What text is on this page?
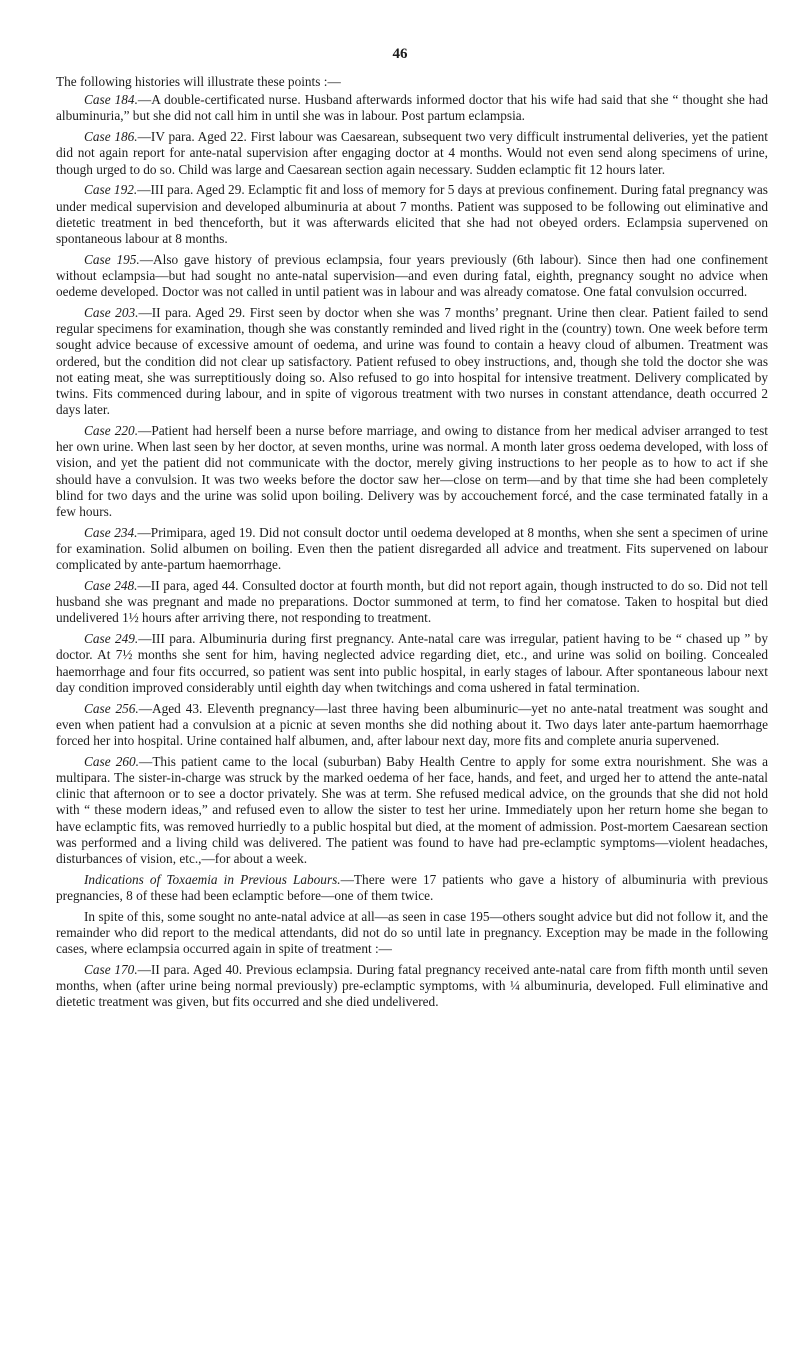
46

The following histories will illustrate these points :—

Case 184.—A double-certificated nurse. Husband afterwards informed doctor that his wife had said that she “ thought she had albuminuria,” but she did not call him in until she was in labour. Post partum eclampsia.

Case 186.—IV para. Aged 22. First labour was Caesarean, subsequent two very difficult instrumental deliveries, yet the patient did not again report for ante-natal supervision after engaging doctor at 4 months. Would not even send along specimens of urine, though urged to do so. Child was large and Caesarean section again necessary. Sudden eclamptic fit 12 hours later.

Case 192.—III para. Aged 29. Eclamptic fit and loss of memory for 5 days at previous confinement. During fatal pregnancy was under medical supervision and developed albuminuria at about 7 months. Patient was supposed to be following out eliminative and dietetic treatment in bed thenceforth, but it was afterwards elicited that she had not obeyed orders. Eclampsia supervened on spontaneous labour at 8 months.

Case 195.—Also gave history of previous eclampsia, four years previously (6th labour). Since then had one confinement without eclampsia—but had sought no ante-natal supervision—and even during fatal, eighth, pregnancy sought no advice when oedeme developed. Doctor was not called in until patient was in labour and was already comatose. One fatal convulsion occurred.

Case 203.—II para. Aged 29. First seen by doctor when she was 7 months’ pregnant. Urine then clear. Patient failed to send regular specimens for examination, though she was constantly reminded and lived right in the (country) town. One week before term sought advice because of excessive amount of oedema, and urine was found to contain a heavy cloud of albumen. Treatment was ordered, but the condition did not clear up satisfactory. Patient refused to obey instructions, and, though she told the doctor she was not eating meat, she was surreptitiously doing so. Also refused to go into hospital for intensive treatment. Delivery complicated by twins. Fits commenced during labour, and in spite of vigorous treatment with two nurses in constant attendance, death occurred 2 days later.

Case 220.—Patient had herself been a nurse before marriage, and owing to distance from her medical adviser arranged to test her own urine. When last seen by her doctor, at seven months, urine was normal. A month later gross oedema developed, with loss of vision, and yet the patient did not communicate with the doctor, merely giving instructions to her people as to how to act if she should have a convulsion. It was two weeks before the doctor saw her—close on term—and by that time she had been completely blind for two days and the urine was solid upon boiling. Delivery was by accouchement forcé, and the case terminated fatally in a few hours.

Case 234.—Primipara, aged 19. Did not consult doctor until oedema developed at 8 months, when she sent a specimen of urine for examination. Solid albumen on boiling. Even then the patient disregarded all advice and treatment. Fits supervened on labour complicated by ante-partum haemorrhage.

Case 248.—II para, aged 44. Consulted doctor at fourth month, but did not report again, though instructed to do so. Did not tell husband she was pregnant and made no preparations. Doctor summoned at term, to find her comatose. Taken to hospital but died undelivered 1½ hours after arriving there, not responding to treatment.

Case 249.—III para. Albuminuria during first pregnancy. Ante-natal care was irregular, patient having to be “ chased up ” by doctor. At 7½ months she sent for him, having neglected advice regarding diet, etc., and urine was solid on boiling. Concealed haemorrhage and four fits occurred, so patient was sent into public hospital, in early stages of labour. After spontaneous labour next day condition improved considerably until eighth day when twitchings and coma ushered in fatal termination.

Case 256.—Aged 43. Eleventh pregnancy—last three having been albuminuric—yet no ante-natal treatment was sought and even when patient had a convulsion at a picnic at seven months she did nothing about it. Two days later ante-partum haemorrhage forced her into hospital. Urine contained half albumen, and, after labour next day, more fits and complete anuria supervened.

Case 260.—This patient came to the local (suburban) Baby Health Centre to apply for some extra nourishment. She was a multipara. The sister-in-charge was struck by the marked oedema of her face, hands, and feet, and urged her to attend the ante-natal clinic that afternoon or to see a doctor privately. She was at term. She refused medical advice, on the grounds that she did not hold with “ these modern ideas,” and refused even to allow the sister to test her urine. Immediately upon her return home she began to have eclamptic fits, was removed hurriedly to a public hospital but died, at the moment of admission. Post-mortem Caesarean section was performed and a living child was delivered. The patient was found to have had pre-eclamptic symptoms—violent headaches, disturbances of vision, etc.,—for about a week.

Indications of Toxaemia in Previous Labours.—There were 17 patients who gave a history of albuminuria with previous pregnancies, 8 of these had been eclamptic before—one of them twice.

In spite of this, some sought no ante-natal advice at all—as seen in case 195—others sought advice but did not follow it, and the remainder who did report to the medical attendants, did not do so until late in pregnancy. Exception may be made in the following cases, where eclampsia occurred again in spite of treatment :—

Case 170.—II para. Aged 40. Previous eclampsia. During fatal pregnancy received ante-natal care from fifth month until seven months, when (after urine being normal previously) pre-eclamptic symptoms, with ¼ albuminuria, developed. Full eliminative and dietetic treatment was given, but fits occurred and she died undelivered.
